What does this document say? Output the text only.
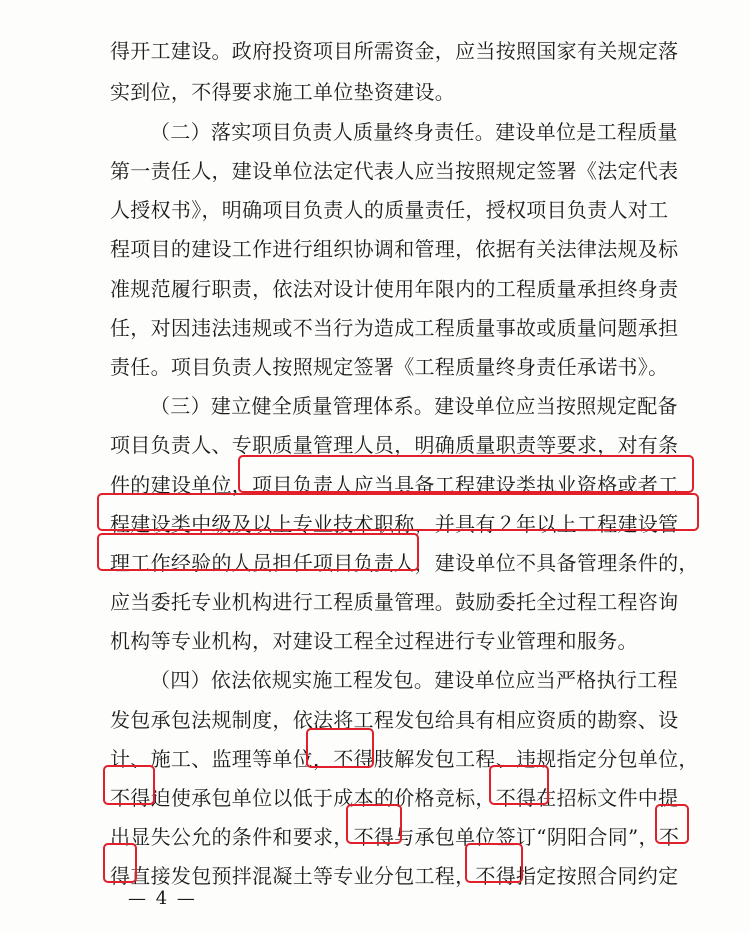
得开工建设。政府投资项目所需资金，应当按照国家有关规定落
实到位，不得要求施工单位垫资建设。
（二）落实项目负责人质量终身责任。建设单位是工程质量
第一责任人，建设单位法定代表人应当按照规定签署《法定代表
人授权书》，明确项目负责人的质量责任，授权项目负责人对工
程项目的建设工作进行组织协调和管理，依据有关法律法规及标
准规范履行职责，依法对设计使用年限内的工程质量承担终身责
任，对因违法违规或不当行为造成工程质量事故或质量问题承担
责任。项目负责人按照规定签署《工程质量终身责任承诺书》。
（三）建立健全质量管理体系。建设单位应当按照规定配备
项目负责人、专职质量管理人员，明确质量职责等要求，对有条
件的建设单位，项目负责人应当具备工程建设类执业资格或者工
程建设类中级及以上专业技术职称，并具有２年以上工程建设管
理工作经验的人员担任项目负责人，建设单位不具备管理条件的，
应当委托专业机构进行工程质量管理。鼓励委托全过程工程咨询
机构等专业机构，对建设工程全过程进行专业管理和服务。
（四）依法依规实施工程发包。建设单位应当严格执行工程
发包承包法规制度，依法将工程发包给具有相应资质的勘察、设
计、施工、监理等单位，不得肢解发包工程、违规指定分包单位，
不得迫使承包单位以低于成本的价格竞标，不得在招标文件中提
出显失公允的条件和要求，不得与承包单位签订“阴阳合同”，不
得直接发包预拌混凝土等专业分包工程，不得指定按照合同约定
— 4 —
